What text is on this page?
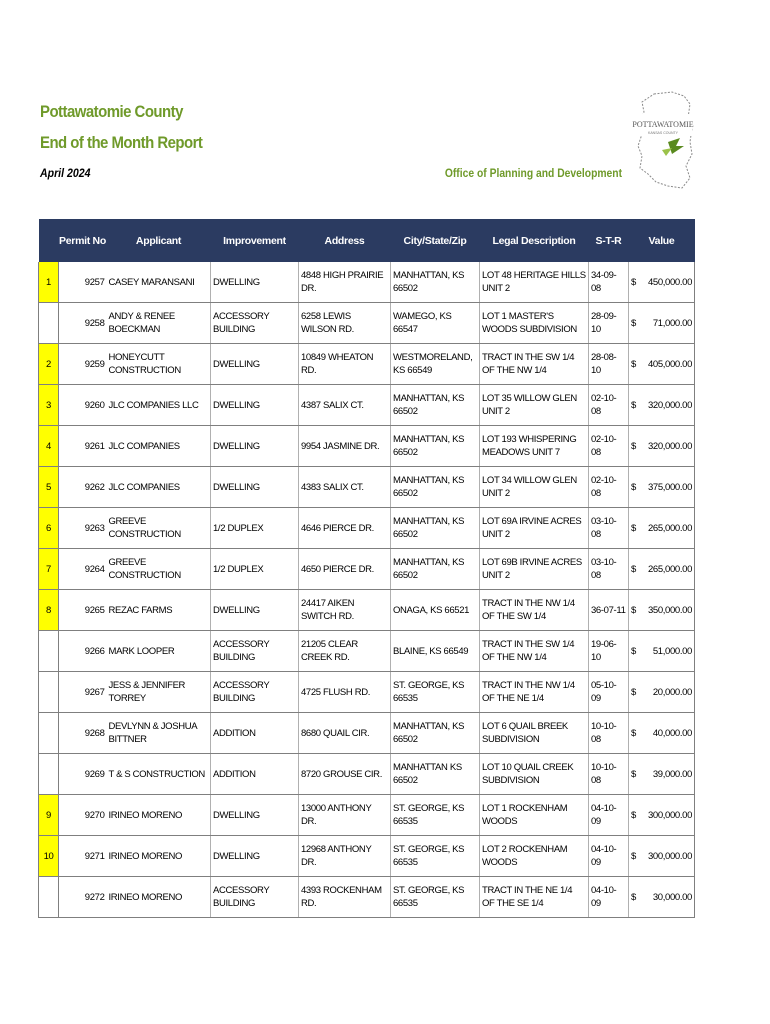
Pottawatomie County
End of the Month Report
April 2024	Office of Planning and Development
POTTAWATOMIE
KANSAS COUNTY
	Permit No	Applicant	Improvement	Address	City/State/Zip	Legal Description	S-T-R	Value	
1	9257	CASEY MARANSANI	DWELLING	4848 HIGH PRAIRIE DR.	MANHATTAN, KS 66502	LOT 48 HERITAGE HILLS UNIT 2	34-09-08	$	450,000.00
	9258	ANDY & RENEE BOECKMAN	ACCESSORY BUILDING	6258 LEWIS WILSON RD.	WAMEGO, KS 66547	LOT 1 MASTER'S WOODS SUBDIVISION	28-09-10	$	71,000.00
2	9259	HONEYCUTT CONSTRUCTION	DWELLING	10849 WHEATON RD.	WESTMORELAND, KS 66549	TRACT IN THE SW 1/4 OF THE NW 1/4	28-08-10	$	405,000.00
3	9260	JLC COMPANIES LLC	DWELLING	4387 SALIX CT.	MANHATTAN, KS 66502	LOT 35 WILLOW GLEN UNIT 2	02-10-08	$	320,000.00
4	9261	JLC COMPANIES	DWELLING	9954 JASMINE DR.	MANHATTAN, KS 66502	LOT 193 WHISPERING MEADOWS UNIT 7	02-10-08	$	320,000.00
5	9262	JLC COMPANIES	DWELLING	4383 SALIX CT.	MANHATTAN, KS 66502	LOT 34 WILLOW GLEN UNIT 2	02-10-08	$	375,000.00
6	9263	GREEVE CONSTRUCTION	1/2 DUPLEX	4646 PIERCE DR.	MANHATTAN, KS 66502	LOT 69A IRVINE ACRES UNIT 2	03-10-08	$	265,000.00
7	9264	GREEVE CONSTRUCTION	1/2 DUPLEX	4650 PIERCE DR.	MANHATTAN, KS 66502	LOT 69B IRVINE ACRES UNIT 2	03-10-08	$	265,000.00
8	9265	REZAC FARMS	DWELLING	24417 AIKEN SWITCH RD.	ONAGA, KS 66521	TRACT IN THE NW 1/4 OF THE SW 1/4	36-07-11	$	350,000.00
	9266	MARK LOOPER	ACCESSORY BUILDING	21205 CLEAR CREEK RD.	BLAINE, KS 66549	TRACT IN THE SW 1/4 OF THE NW 1/4	19-06-10	$	51,000.00
	9267	JESS & JENNIFER TORREY	ACCESSORY BUILDING	4725 FLUSH RD.	ST. GEORGE, KS 66535	TRACT IN THE NW 1/4 OF THE NE 1/4	05-10-09	$	20,000.00
	9268	DEVLYNN & JOSHUA BITTNER	ADDITION	8680 QUAIL CIR.	MANHATTAN, KS 66502	LOT 6 QUAIL BREEK SUBDIVISION	10-10-08	$	40,000.00
	9269	T & S CONSTRUCTION	ADDITION	8720 GROUSE CIR.	MANHATTAN KS 66502	LOT 10 QUAIL CREEK SUBDIVISION	10-10-08	$	39,000.00
9	9270	IRINEO MORENO	DWELLING	13000 ANTHONY DR.	ST. GEORGE, KS 66535	LOT 1 ROCKENHAM WOODS	04-10-09	$	300,000.00
10	9271	IRINEO MORENO	DWELLING	12968 ANTHONY DR.	ST. GEORGE, KS 66535	LOT 2 ROCKENHAM WOODS	04-10-09	$	300,000.00
	9272	IRINEO MORENO	ACCESSORY BUILDING	4393 ROCKENHAM RD.	ST. GEORGE, KS 66535	TRACT IN THE NE 1/4 OF THE SE 1/4	04-10-09	$	30,000.00
